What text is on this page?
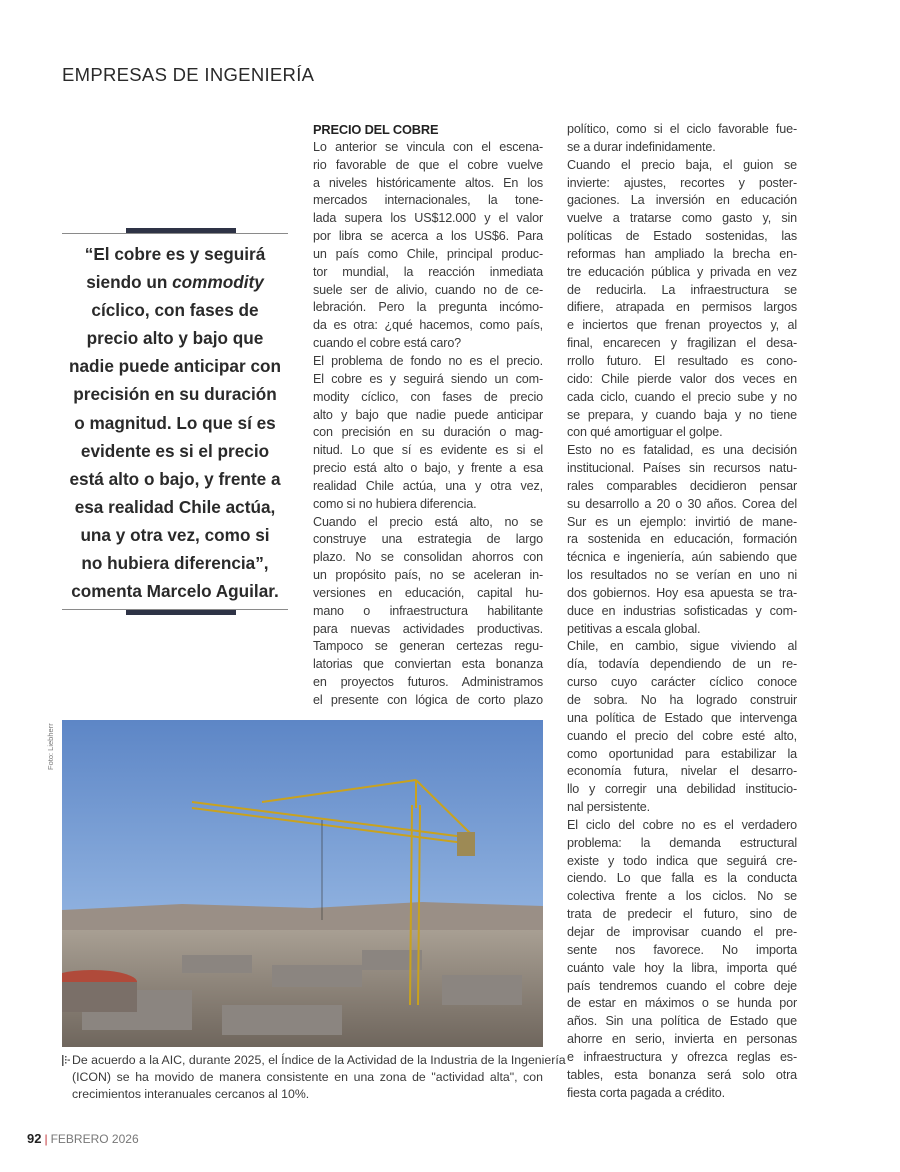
EMPRESAS DE INGENIERÍA
“El cobre es y seguirá
siendo un commodity
cíclico, con fases de
precio alto y bajo que
nadie puede anticipar con
precisión en su duración
o magnitud. Lo que sí es
evidente es si el precio
está alto o bajo, y frente a
esa realidad Chile actúa,
una y otra vez, como si
no hubiera diferencia”,
comenta Marcelo Aguilar.
PRECIO DEL COBRE
Lo anterior se vincula con el escena-
rio favorable de que el cobre vuelve
a niveles históricamente altos. En los
mercados internacionales, la tone-
lada supera los US$12.000 y el valor
por libra se acerca a los US$6. Para
un país como Chile, principal produc-
tor mundial, la reacción inmediata
suele ser de alivio, cuando no de ce-
lebración. Pero la pregunta incómo-
da es otra: ¿qué hacemos, como país,
cuando el cobre está caro?
El problema de fondo no es el precio.
El cobre es y seguirá siendo un com-
modity cíclico, con fases de precio
alto y bajo que nadie puede anticipar
con precisión en su duración o mag-
nitud. Lo que sí es evidente es si el
precio está alto o bajo, y frente a esa
realidad Chile actúa, una y otra vez,
como si no hubiera diferencia.
Cuando el precio está alto, no se
construye una estrategia de largo
plazo. No se consolidan ahorros con
un propósito país, no se aceleran in-
versiones en educación, capital hu-
mano o infraestructura habilitante
para nuevas actividades productivas.
Tampoco se generan certezas regu-
latorias que conviertan esta bonanza
en proyectos futuros. Administramos
el presente con lógica de corto plazo
político, como si el ciclo favorable fue-
se a durar indefinidamente.
Cuando el precio baja, el guion se
invierte: ajustes, recortes y poster-
gaciones. La inversión en educación
vuelve a tratarse como gasto y, sin
políticas de Estado sostenidas, las
reformas han ampliado la brecha en-
tre educación pública y privada en vez
de reducirla. La infraestructura se
difiere, atrapada en permisos largos
e inciertos que frenan proyectos y, al
final, encarecen y fragilizan el desa-
rrollo futuro. El resultado es cono-
cido: Chile pierde valor dos veces en
cada ciclo, cuando el precio sube y no
se prepara, y cuando baja y no tiene
con qué amortiguar el golpe.
Esto no es fatalidad, es una decisión
institucional. Países sin recursos natu-
rales comparables decidieron pensar
su desarrollo a 20 o 30 años. Corea del
Sur es un ejemplo: invirtió de mane-
ra sostenida en educación, formación
técnica e ingeniería, aún sabiendo que
los resultados no se verían en uno ni
dos gobiernos. Hoy esa apuesta se tra-
duce en industrias sofisticadas y com-
petitivas a escala global.
Chile, en cambio, sigue viviendo al
día, todavía dependiendo de un re-
curso cuyo carácter cíclico conoce
de sobra. No ha logrado construir
una política de Estado que intervenga
cuando el precio del cobre esté alto,
como oportunidad para estabilizar la
economía futura, nivelar el desarro-
llo y corregir una debilidad institucio-
nal persistente.
El ciclo del cobre no es el verdadero
problema: la demanda estructural
existe y todo indica que seguirá cre-
ciendo. Lo que falla es la conducta
colectiva frente a los ciclos. No se
trata de predecir el futuro, sino de
dejar de improvisar cuando el pre-
sente nos favorece. No importa
cuánto vale hoy la libra, importa qué
país tendremos cuando el cobre deje
de estar en máximos o se hunda por
años. Sin una política de Estado que
ahorre en serio, invierta en personas
e infraestructura y ofrezca reglas es-
tables, esta bonanza será solo otra
fiesta corta pagada a crédito.
Foto: Liebherr
De acuerdo a la AIC, durante 2025, el Índice de la Actividad de la Industria de la Ingeniería
(ICON) se ha movido de manera consistente en una zona de "actividad alta", con
crecimientos interanuales cercanos al 10%.
92 | FEBRERO 2026
